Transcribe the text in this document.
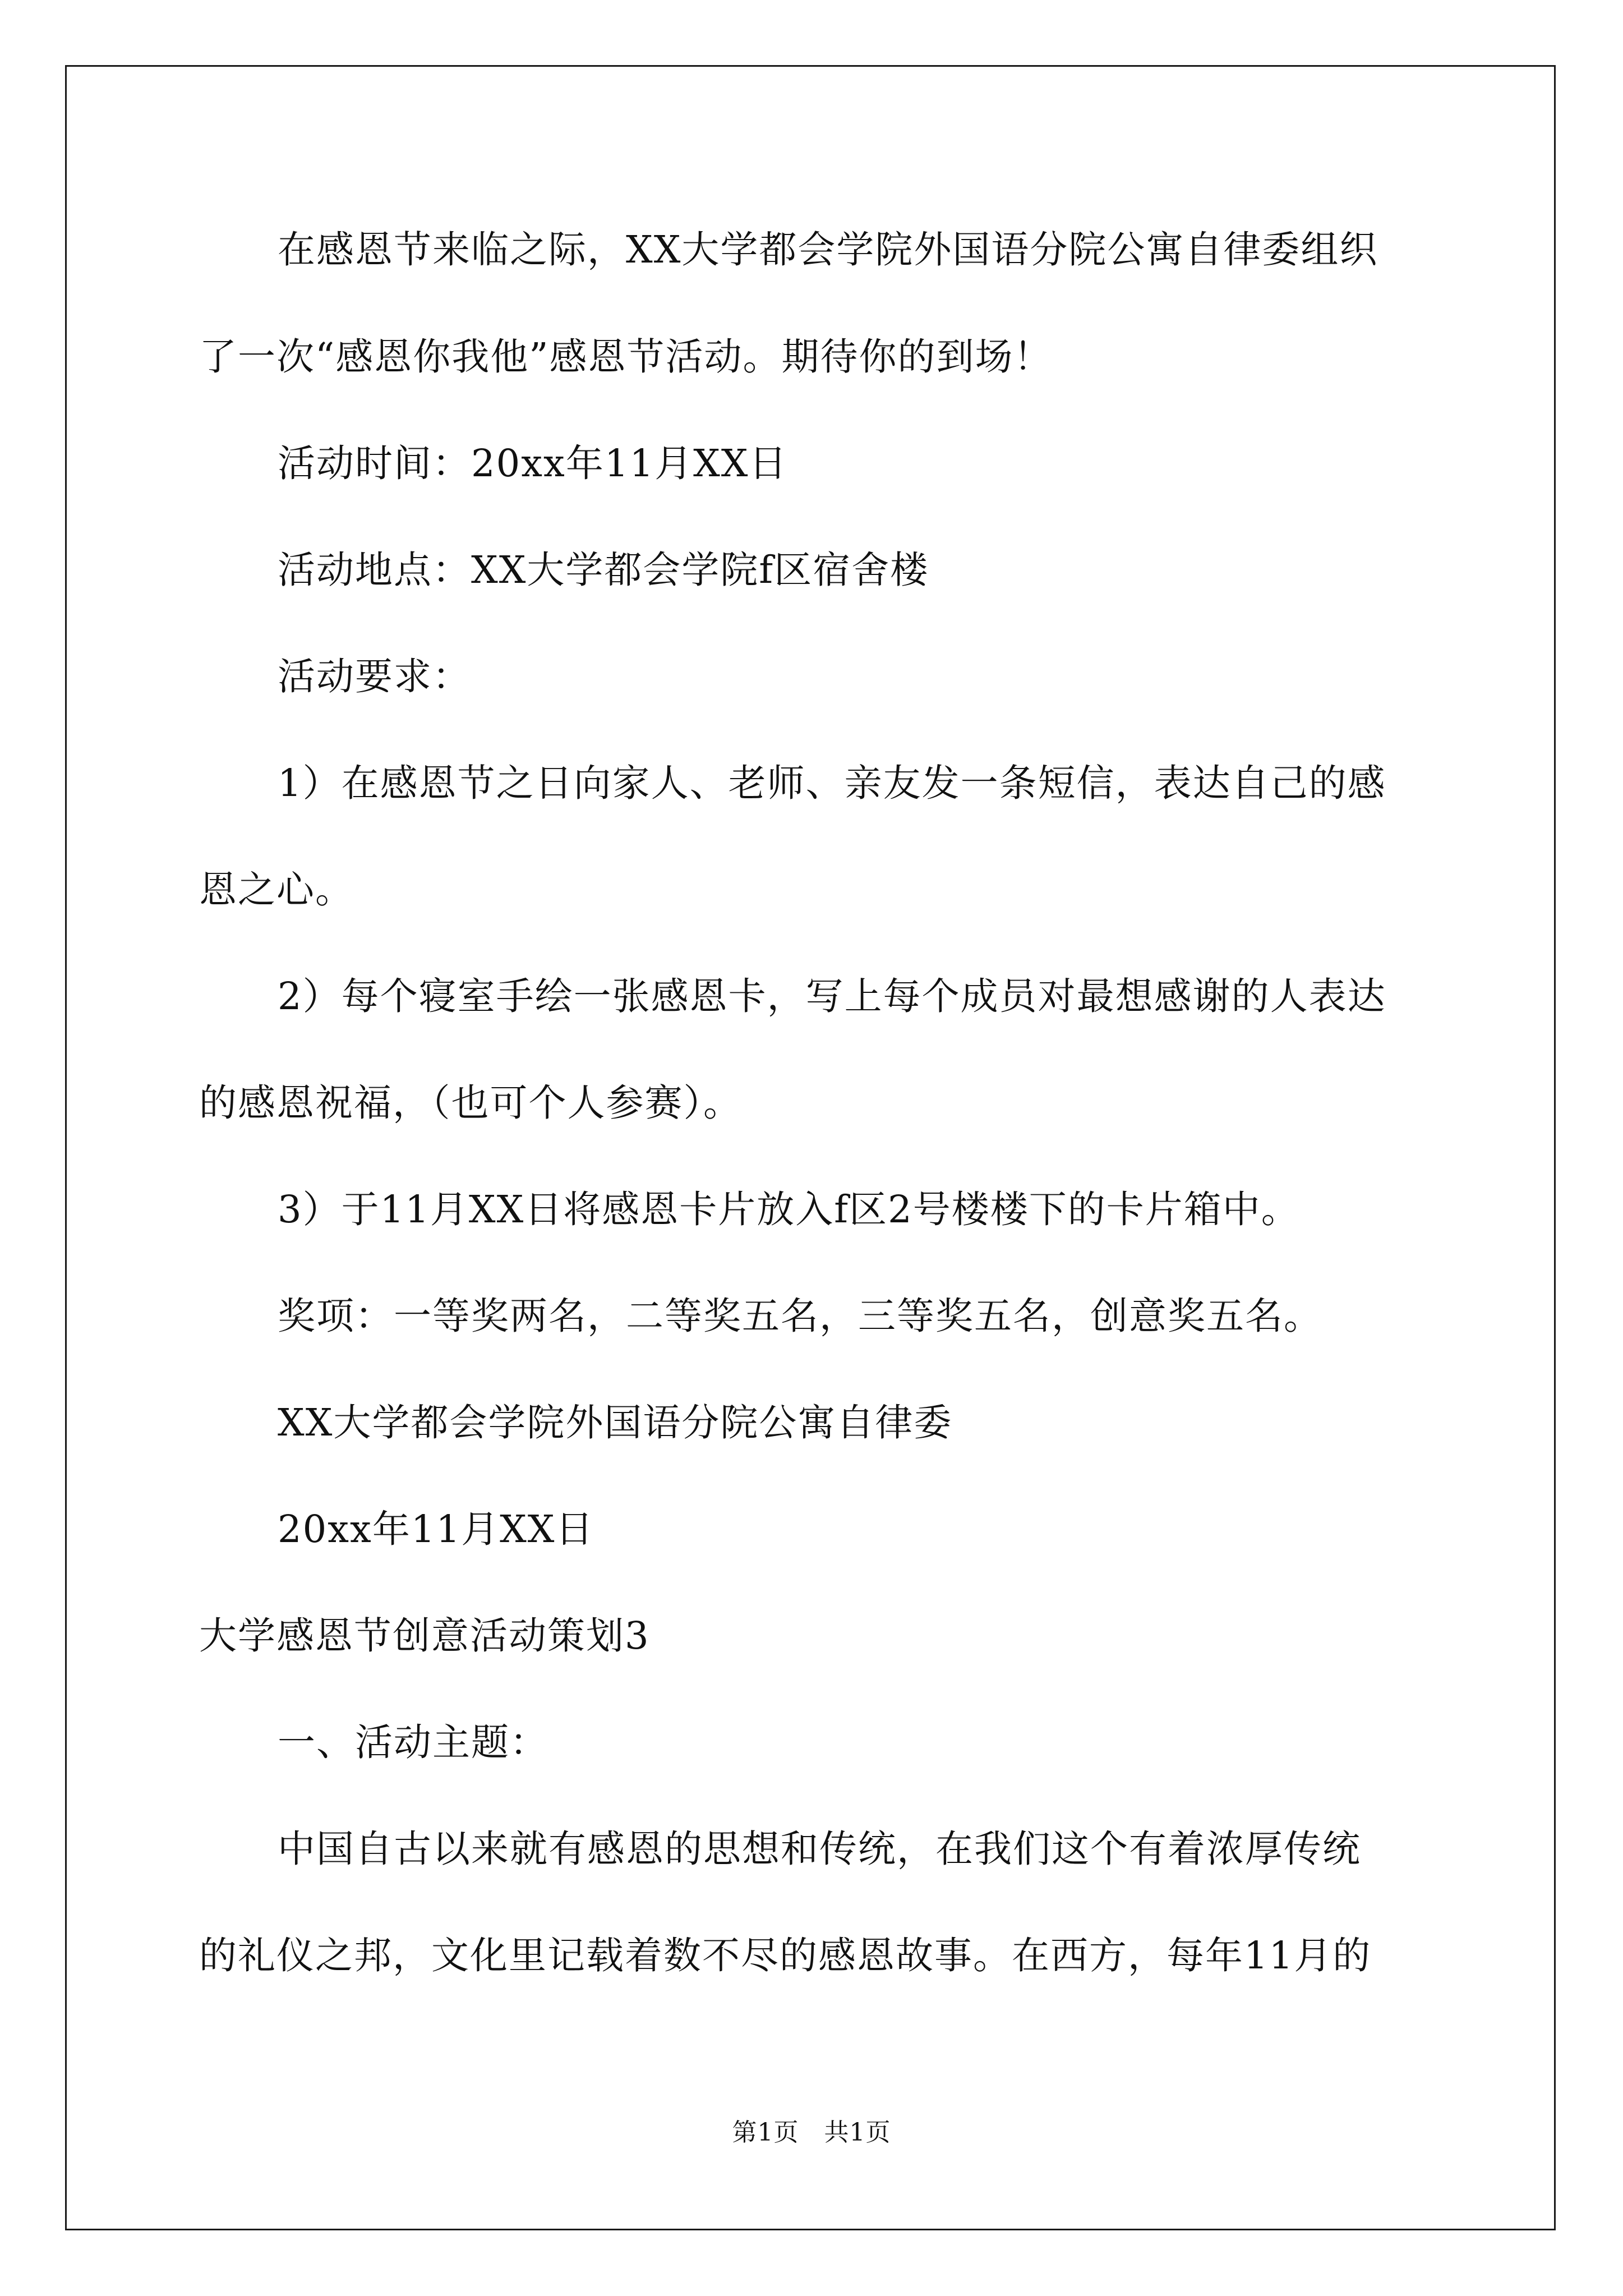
在感恩节来临之际，XX大学都会学院外国语分院公寓自律委组织
了一次“感恩你我他”感恩节活动。期待你的到场！
活动时间：20xx年11月XX日
活动地点：XX大学都会学院f区宿舍楼
活动要求：
1）在感恩节之日向家人、老师、亲友发一条短信，表达自己的感
恩之心。
2）每个寝室手绘一张感恩卡，写上每个成员对最想感谢的人表达
的感恩祝福，（也可个人参赛）。
3）于11月XX日将感恩卡片放入f区2号楼楼下的卡片箱中。
奖项：一等奖两名，二等奖五名，三等奖五名，创意奖五名。
XX大学都会学院外国语分院公寓自律委
20xx年11月XX日
大学感恩节创意活动策划3
一、活动主题：
中国自古以来就有感恩的思想和传统，在我们这个有着浓厚传统
的礼仪之邦，文化里记载着数不尽的感恩故事。在西方，每年11月的
第1页　共1页
